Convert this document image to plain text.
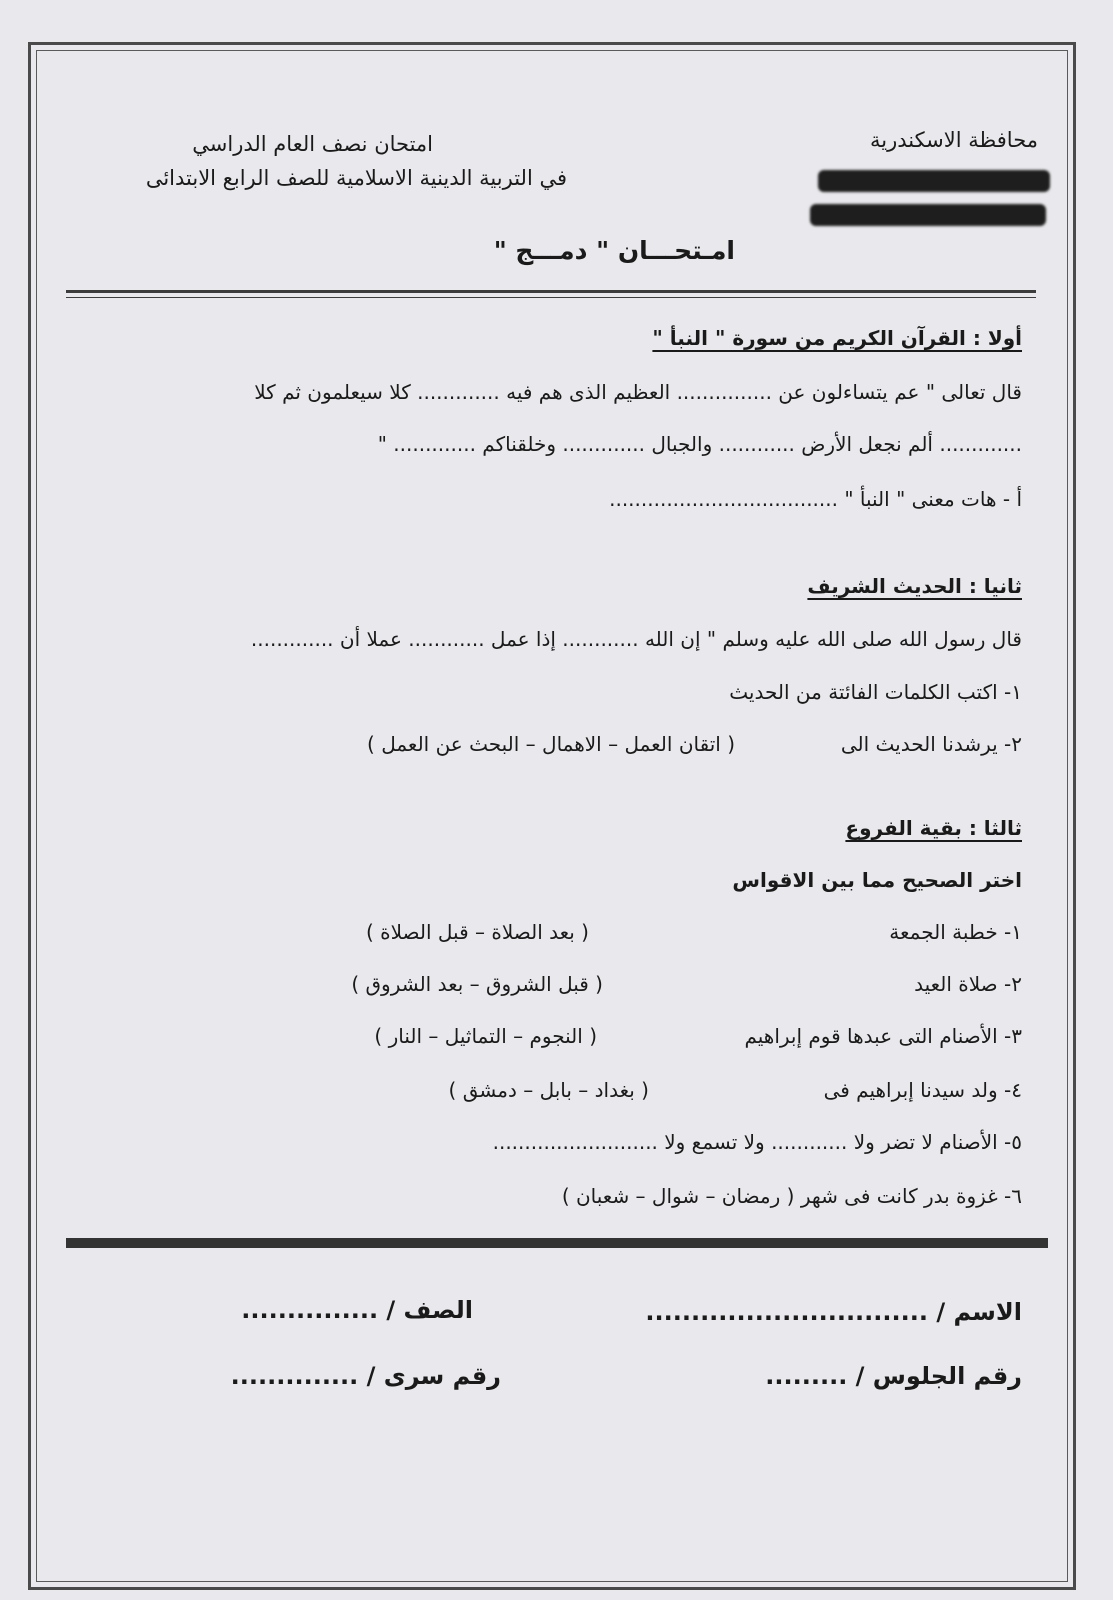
محافظة الاسكندرية
امتحان نصف العام الدراسي
في التربية الدينية الاسلامية للصف الرابع الابتدائى
امـتحـــان " دمـــج "
أولا : القرآن الكريم من سورة " النبأ "
قال تعالى " عم يتساءلون عن ............... العظيم الذى هم فيه ............. كلا سيعلمون ثم كلا
............. ألم نجعل الأرض ............ والجبال ............. وخلقناكم ............. "
أ - هات معنى " النبأ " ....................................
ثانيا : الحديث الشريف
قال رسول الله صلى الله عليه وسلم " إن الله ............ إذا عمل ............ عملا أن .............
١- اكتب الكلمات الفائتة من الحديث
٢- يرشدنا الحديث الى
( اتقان العمل – الاهمال – البحث عن العمل )
ثالثا : بقية الفروع
اختر الصحيح مما بين الاقواس
١- خطبة الجمعة
( بعد الصلاة – قبل الصلاة )
٢- صلاة العيد
( قبل الشروق – بعد الشروق )
٣- الأصنام التى عبدها قوم إبراهيم
( النجوم – التماثيل – النار )
٤- ولد سيدنا إبراهيم فى
( بغداد – بابل – دمشق )
٥- الأصنام لا تضر ولا ............ ولا تسمع ولا ..........................
٦- غزوة بدر كانت فى شهر ( رمضان – شوال – شعبان )
الاسم / ...............................
الصف / ...............
رقم الجلوس / .........
رقم سرى / ..............
